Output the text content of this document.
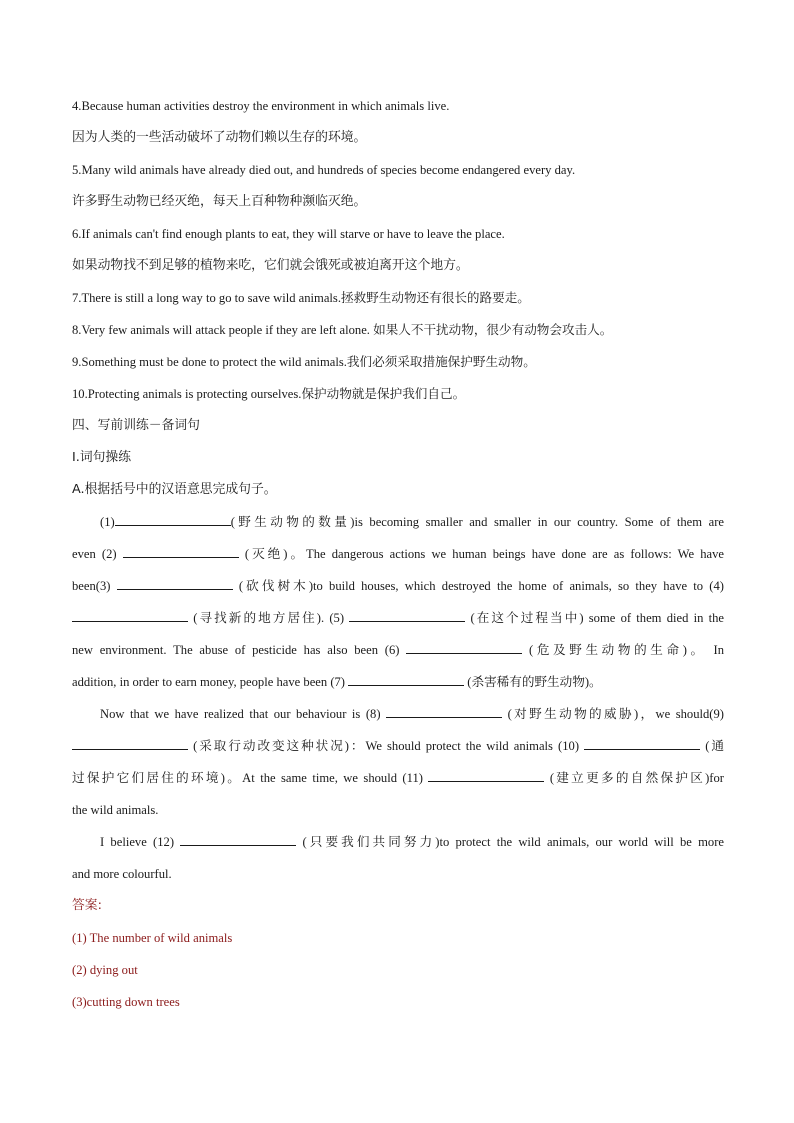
4.Because human activities destroy the environment in which animals live.
因为人类的一些活动破坏了动物们赖以生存的环境。
5.Many wild animals have already died out, and hundreds of species become endangered every day.
许多野生动物已经灭绝，每天上百种物种濒临灭绝。
6.If animals can't find enough plants to eat, they will starve or have to leave the place.
如果动物找不到足够的植物来吃，它们就会饿死或被迫离开这个地方。
7.There is still a long way to go to save wild animals.拯救野生动物还有很长的路要走。
8.Very few animals will attack people if they are left alone. 如果人不干扰动物，很少有动物会攻击人。
9.Something must be done to protect the wild animals.我们必须采取措施保护野生动物。
10.Protecting animals is protecting ourselves.保护动物就是保护我们自己。
四、写前训练－备词句
I.词句操练
A.根据括号中的汉语意思完成句子。
(1)	(野生动物的数量)is becoming smaller and smaller in our country. Some of them are
even (2)	(灭绝)。The dangerous actions we human beings have done are as follows: We have
been(3)	(砍伐树木)to build houses, which destroyed the home of animals, so they have to (4)
(寻找新的地方居住). (5)	(在这个过程当中) some of them died in the
new environment. The abuse of pesticide has also been (6)	(危及野生动物的生命)。 In
addition, in order to earn money, people have been (7)	(杀害稀有的野生动物)。
Now that we have realized that our behaviour is (8)	(对野生动物的威胁)，we should(9)
(采取行动改变这种状况)：We should protect the wild animals (10)	(通
过保护它们居住的环境)。At the same time, we should (11)	(建立更多的自然保护区)for
the wild animals.
I believe (12)	(只要我们共同努力)to protect the wild animals, our world will be more
and more colourful.
答案:
(1) The number of wild animals
(2) dying out
(3)cutting down trees
